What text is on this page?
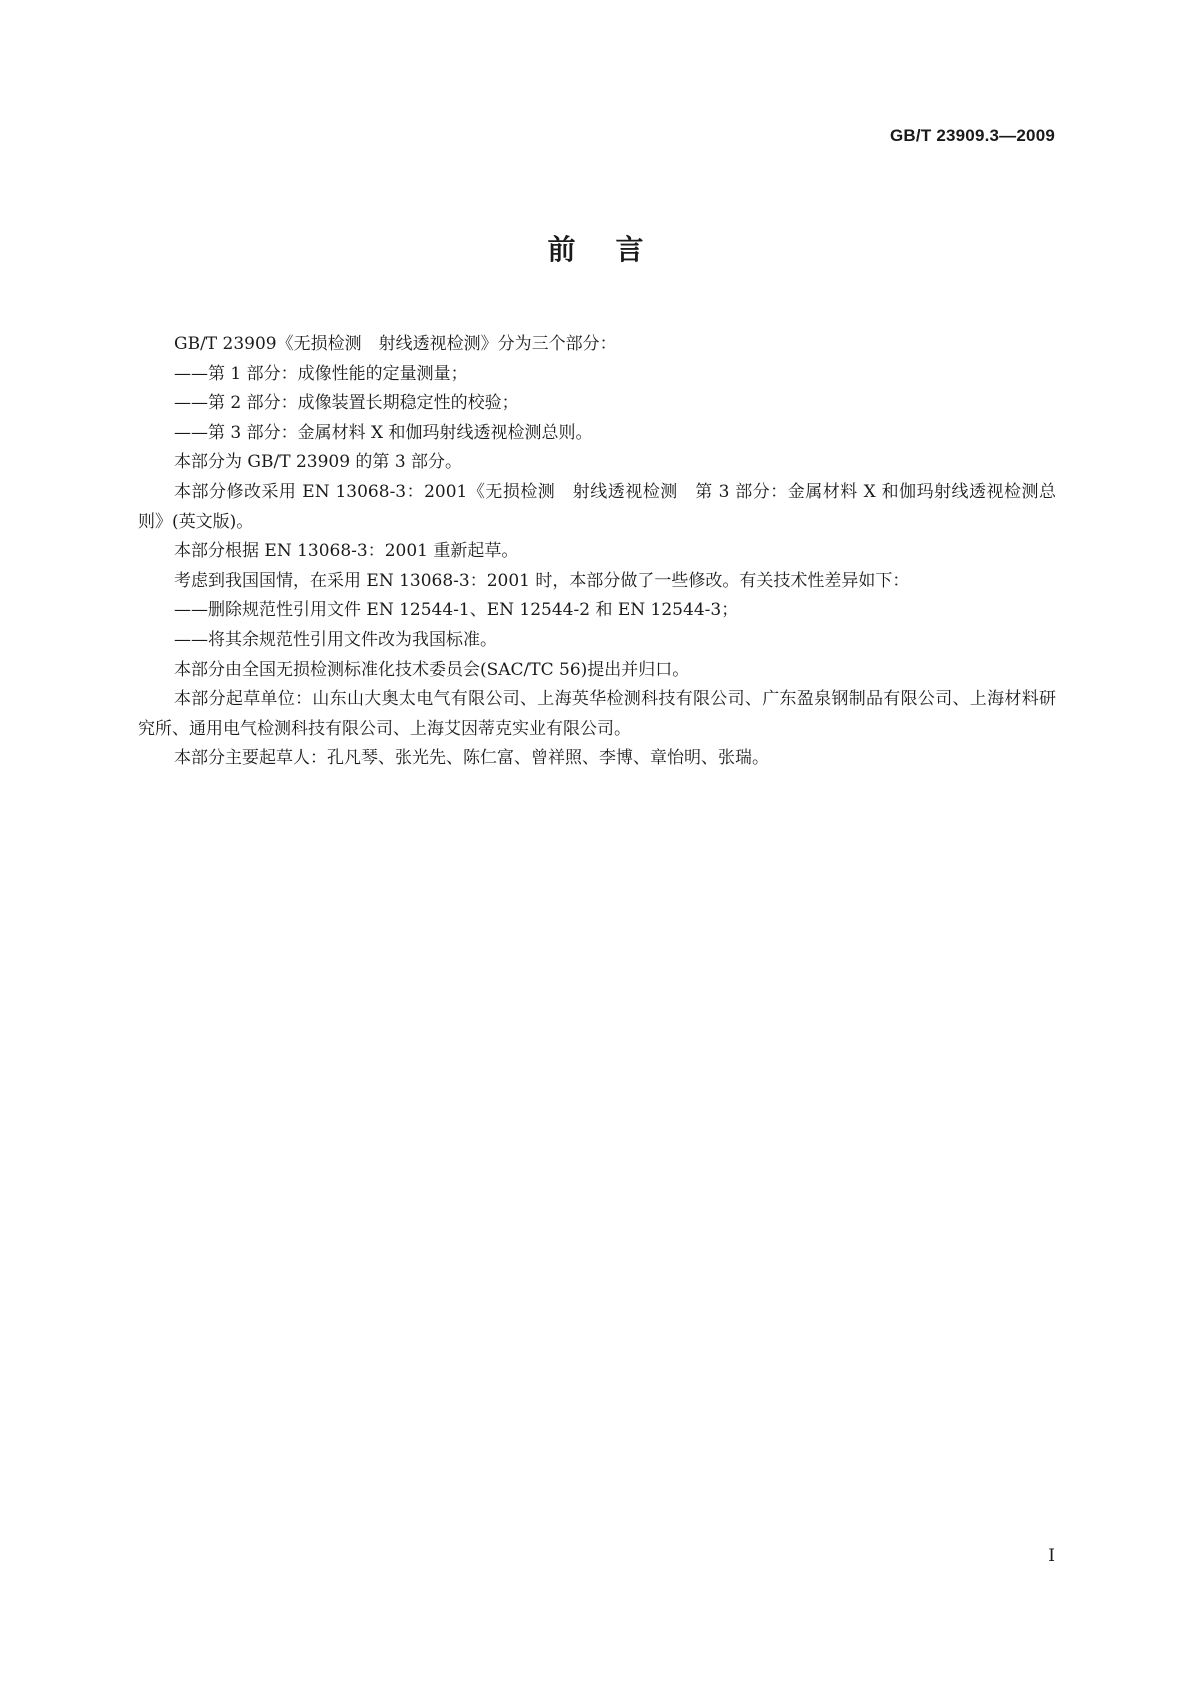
GB/T 23909.3—2009
前言

GB/T 23909《无损检测　射线透视检测》分为三个部分：

——第 1 部分：成像性能的定量测量；

——第 2 部分：成像装置长期稳定性的校验；

——第 3 部分：金属材料 X 和伽玛射线透视检测总则。

本部分为 GB/T 23909 的第 3 部分。

本部分修改采用 EN 13068-3：2001《无损检测　射线透视检测　第 3 部分：金属材料 X 和伽玛射线透视检测总则》(英文版)。

本部分根据 EN 13068-3：2001 重新起草。

考虑到我国国情，在采用 EN 13068-3：2001 时，本部分做了一些修改。有关技术性差异如下：

——删除规范性引用文件 EN 12544-1、EN 12544-2 和 EN 12544-3；

——将其余规范性引用文件改为我国标准。

本部分由全国无损检测标准化技术委员会(SAC/TC 56)提出并归口。

本部分起草单位：山东山大奥太电气有限公司、上海英华检测科技有限公司、广东盈泉钢制品有限公司、上海材料研究所、通用电气检测科技有限公司、上海艾因蒂克实业有限公司。

本部分主要起草人：孔凡琴、张光先、陈仁富、曾祥照、李博、章怡明、张瑞。

I
